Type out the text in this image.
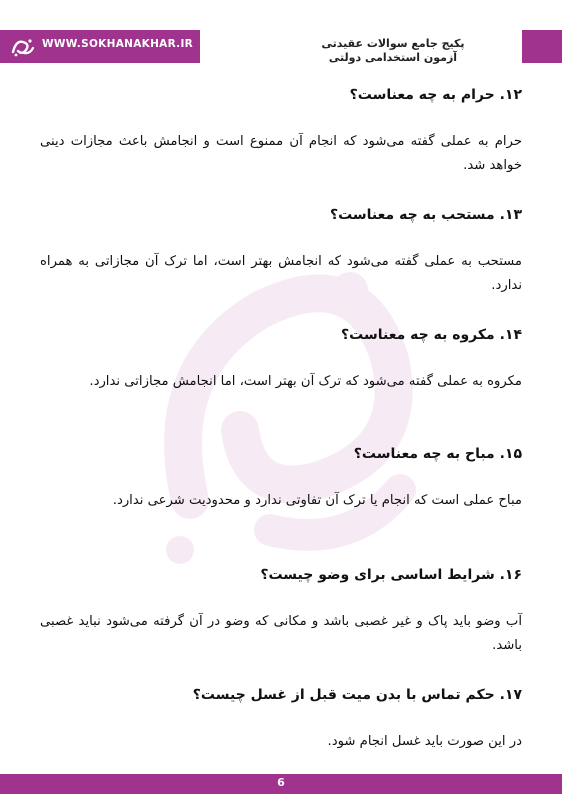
WWW.SOKHANAKHAR.IR	پکیج جامع سوالات عقیدتی
آزمون استخدامی دولتی

۱۲. حرام به چه معناست؟

حرام به عملی گفته می‌شود که انجام آن ممنوع است و انجامش باعث مجازات دینی خواهد شد.

۱۳. مستحب به چه معناست؟

مستحب به عملی گفته می‌شود که انجامش بهتر است، اما ترک آن مجازاتی به همراه ندارد.

۱۴. مکروه به چه معناست؟

مکروه به عملی گفته می‌شود که ترک آن بهتر است، اما انجامش مجازاتی ندارد.

۱۵. مباح به چه معناست؟

مباح عملی است که انجام یا ترک آن تفاوتی ندارد و محدودیت شرعی ندارد.

۱۶. شرایط اساسی برای وضو چیست؟

آب وضو باید پاک و غیر غصبی باشد و مکانی که وضو در آن گرفته می‌شود نباید غصبی باشد.

۱۷. حکم تماس با بدن میت قبل از غسل چیست؟

در این صورت باید غسل انجام شود.

6
